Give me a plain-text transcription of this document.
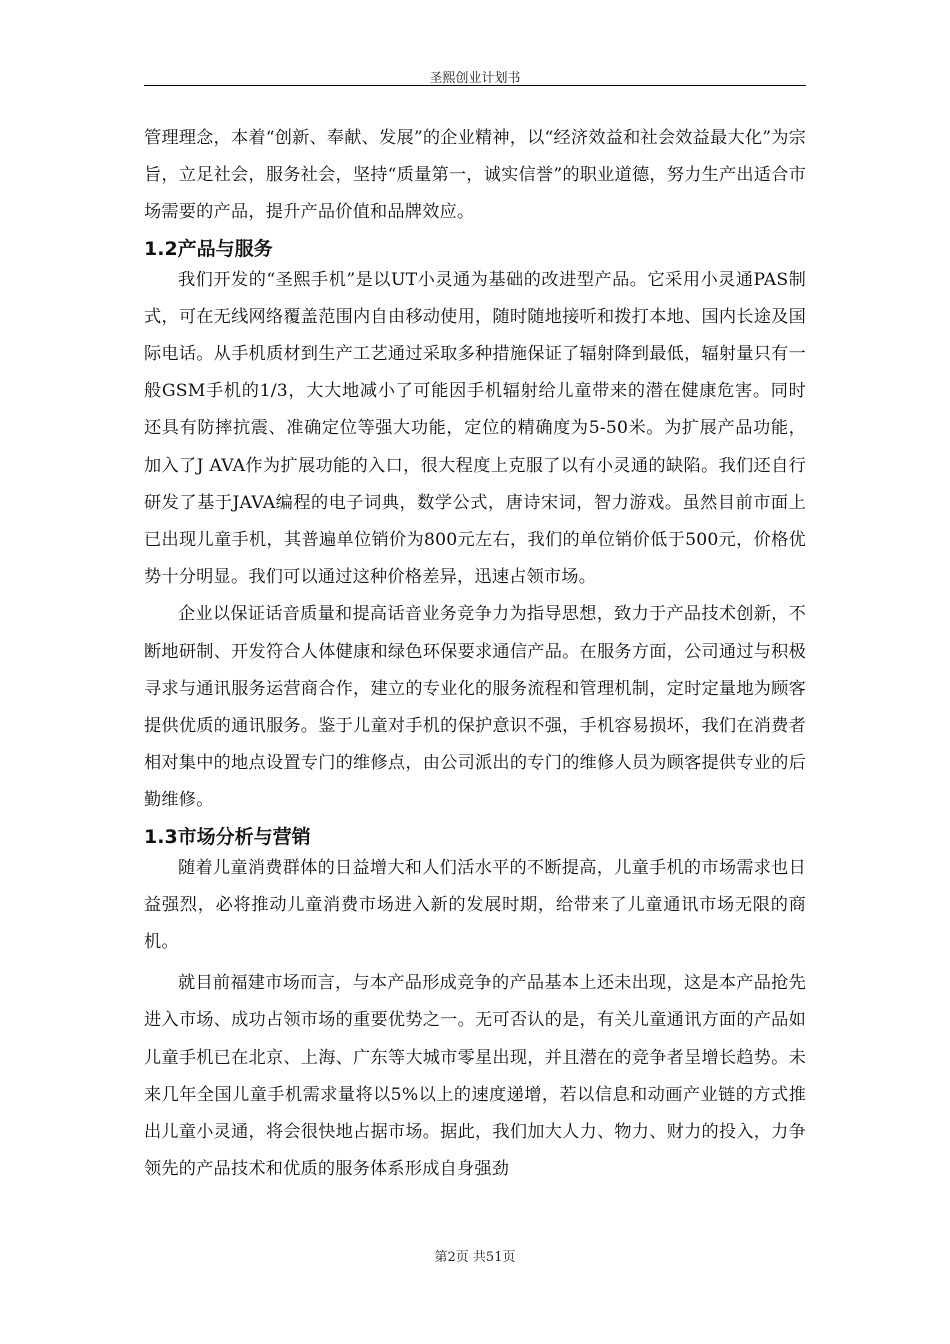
圣熙创业计划书

管理理念，本着“创新、奉献、发展”的企业精神，以“经济效益和社会效益最大化”为宗旨，立足社会，服务社会，坚持“质量第一，诚实信誉”的职业道德，努力生产出适合市场需要的产品，提升产品价值和品牌效应。

1.2产品与服务

我们开发的“圣熙手机”是以UT小灵通为基础的改进型产品。它采用小灵通PAS制式，可在无线网络覆盖范围内自由移动使用，随时随地接听和拨打本地、国内长途及国际电话。从手机质材到生产工艺通过采取多种措施保证了辐射降到最低，辐射量只有一般GSM手机的1/3，大大地减小了可能因手机辐射给儿童带来的潜在健康危害。同时还具有防摔抗震、准确定位等强大功能，定位的精确度为5-50米。为扩展产品功能，加入了J AVA作为扩展功能的入口，很大程度上克服了以有小灵通的缺陷。我们还自行研发了基于JAVA编程的电子词典，数学公式，唐诗宋词，智力游戏。虽然目前市面上已出现儿童手机，其普遍单位销价为800元左右，我们的单位销价低于500元，价格优势十分明显。我们可以通过这种价格差异，迅速占领市场。

企业以保证话音质量和提高话音业务竞争力为指导思想，致力于产品技术创新，不断地研制、开发符合人体健康和绿色环保要求通信产品。在服务方面，公司通过与积极寻求与通讯服务运营商合作，建立的专业化的服务流程和管理机制，定时定量地为顾客提供优质的通讯服务。鉴于儿童对手机的保护意识不强，手机容易损坏，我们在消费者相对集中的地点设置专门的维修点，由公司派出的专门的维修人员为顾客提供专业的后勤维修。

1.3市场分析与营销

随着儿童消费群体的日益增大和人们活水平的不断提高，儿童手机的市场需求也日益强烈，必将推动儿童消费市场进入新的发展时期，给带来了儿童通讯市场无限的商机。

就目前福建市场而言，与本产品形成竞争的产品基本上还未出现，这是本产品抢先进入市场、成功占领市场的重要优势之一。无可否认的是，有关儿童通讯方面的产品如儿童手机已在北京、上海、广东等大城市零星出现，并且潜在的竞争者呈增长趋势。未来几年全国儿童手机需求量将以5%以上的速度递增，若以信息和动画产业链的方式推出儿童小灵通，将会很快地占据市场。据此，我们加大人力、物力、财力的投入，力争领先的产品技术和优质的服务体系形成自身强劲

第2页 共51页
